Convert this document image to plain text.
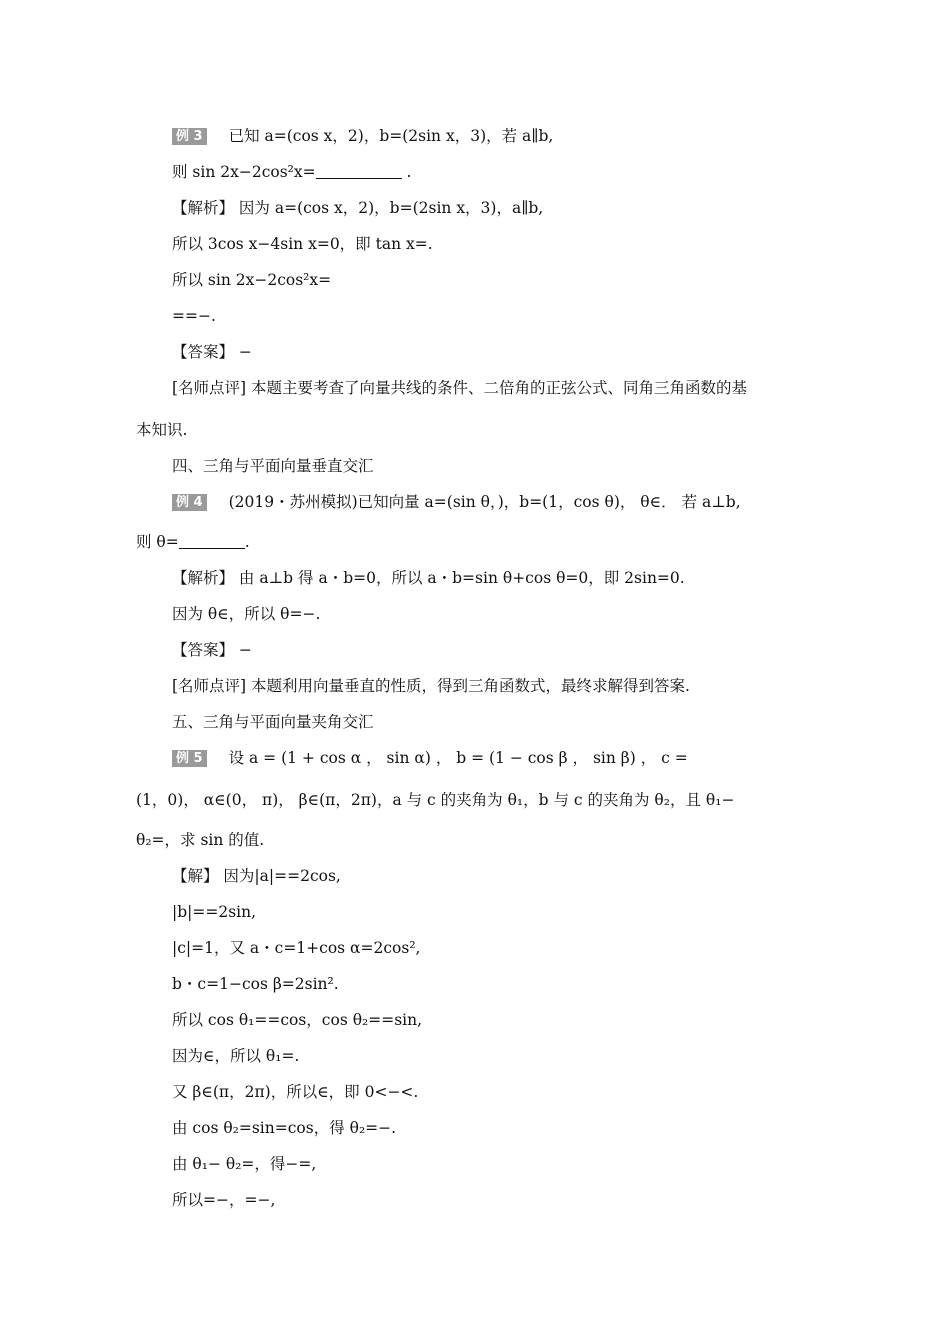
例 3 已知 a=(cos x，2)，b=(2sin x，3)，若 a∥b,
则 sin 2x−2cos²x=	.
【解析】 因为 a=(cos x，2)，b=(2sin x，3)，a∥b,
所以 3cos x−4sin x=0，即 tan x=.
所以 sin 2x−2cos²x=
==−.
【答案】 −
[名师点评] 本题主要考查了向量共线的条件、二倍角的正弦公式、同角三角函数的基
本知识.
四、三角与平面向量垂直交汇
例 4 (2019・苏州模拟)已知向量 a=(sin θ，)，b=(1，cos θ)， θ∈． 若 a⊥b,
则 θ=	.
【解析】 由 a⊥b 得 a・b=0，所以 a・b=sin θ+cos θ=0，即 2sin=0.
因为 θ∈，所以 θ=−.
【答案】 −
[名师点评] 本题利用向量垂直的性质，得到三角函数式，最终求解得到答案.
五、三角与平面向量夹角交汇
例 5 设 a = (1 + cos α ， sin α) ， b = (1 − cos β ， sin β) ， c =
(1，0)， α∈(0， π)， β∈(π，2π)，a 与 c 的夹角为 θ₁，b 与 c 的夹角为 θ₂，且 θ₁−
θ₂=，求 sin 的值.
【解】 因为|a|==2cos,
|b|==2sin,
|c|=1，又 a・c=1+cos α=2cos²,
b・c=1−cos β=2sin².
所以 cos θ₁==cos，cos θ₂==sin,
因为∈，所以 θ₁=.
又 β∈(π，2π)，所以∈，即 0<−<.
由 cos θ₂=sin=cos，得 θ₂=−.
由 θ₁− θ₂=，得−=,
所以=−，=−,
